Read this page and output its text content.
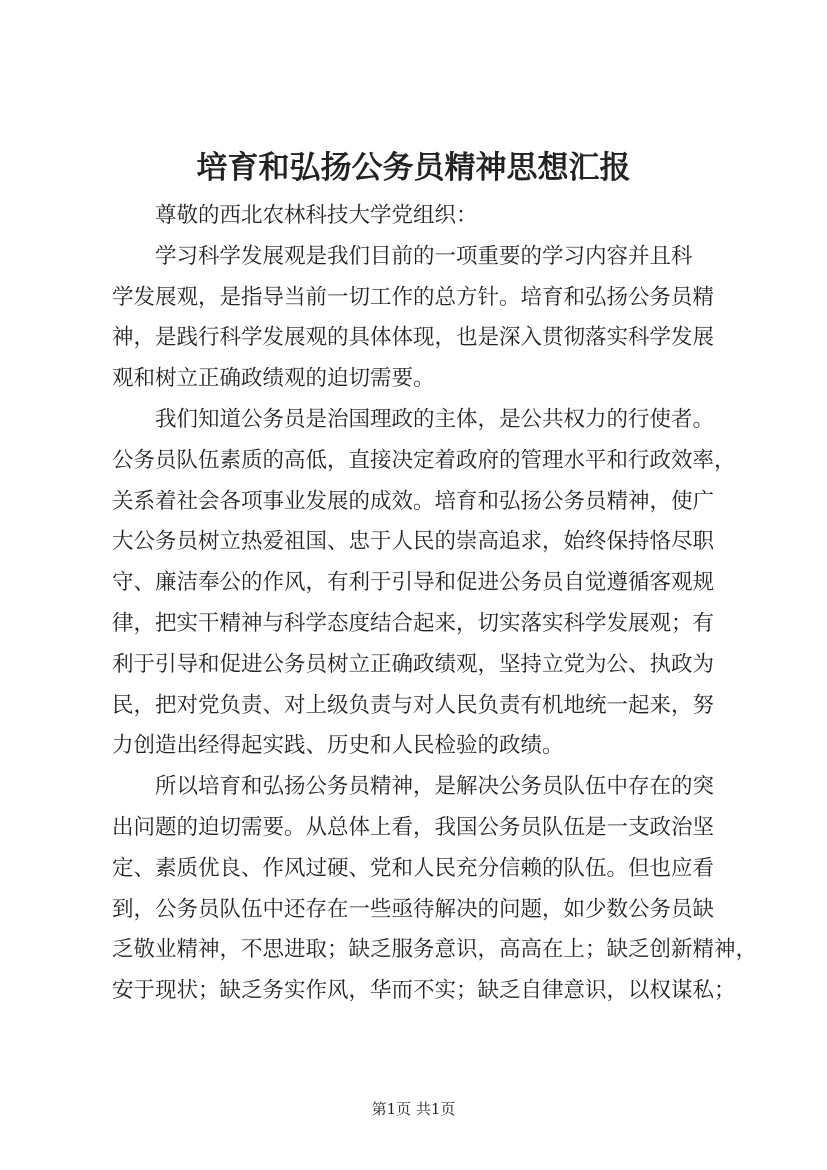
培育和弘扬公务员精神思想汇报
尊敬的西北农林科技大学党组织：
学习科学发展观是我们目前的一项重要的学习内容并且科
学发展观，是指导当前一切工作的总方针。培育和弘扬公务员精
神，是践行科学发展观的具体体现，也是深入贯彻落实科学发展
观和树立正确政绩观的迫切需要。
我们知道公务员是治国理政的主体，是公共权力的行使者。
公务员队伍素质的高低，直接决定着政府的管理水平和行政效率，
关系着社会各项事业发展的成效。培育和弘扬公务员精神，使广
大公务员树立热爱祖国、忠于人民的崇高追求，始终保持恪尽职
守、廉洁奉公的作风，有利于引导和促进公务员自觉遵循客观规
律，把实干精神与科学态度结合起来，切实落实科学发展观；有
利于引导和促进公务员树立正确政绩观，坚持立党为公、执政为
民，把对党负责、对上级负责与对人民负责有机地统一起来，努
力创造出经得起实践、历史和人民检验的政绩。
所以培育和弘扬公务员精神，是解决公务员队伍中存在的突
出问题的迫切需要。从总体上看，我国公务员队伍是一支政治坚
定、素质优良、作风过硬、党和人民充分信赖的队伍。但也应看
到，公务员队伍中还存在一些亟待解决的问题，如少数公务员缺
乏敬业精神，不思进取；缺乏服务意识，高高在上；缺乏创新精神，
安于现状；缺乏务实作风，华而不实；缺乏自律意识，以权谋私；
第1页 共1页
